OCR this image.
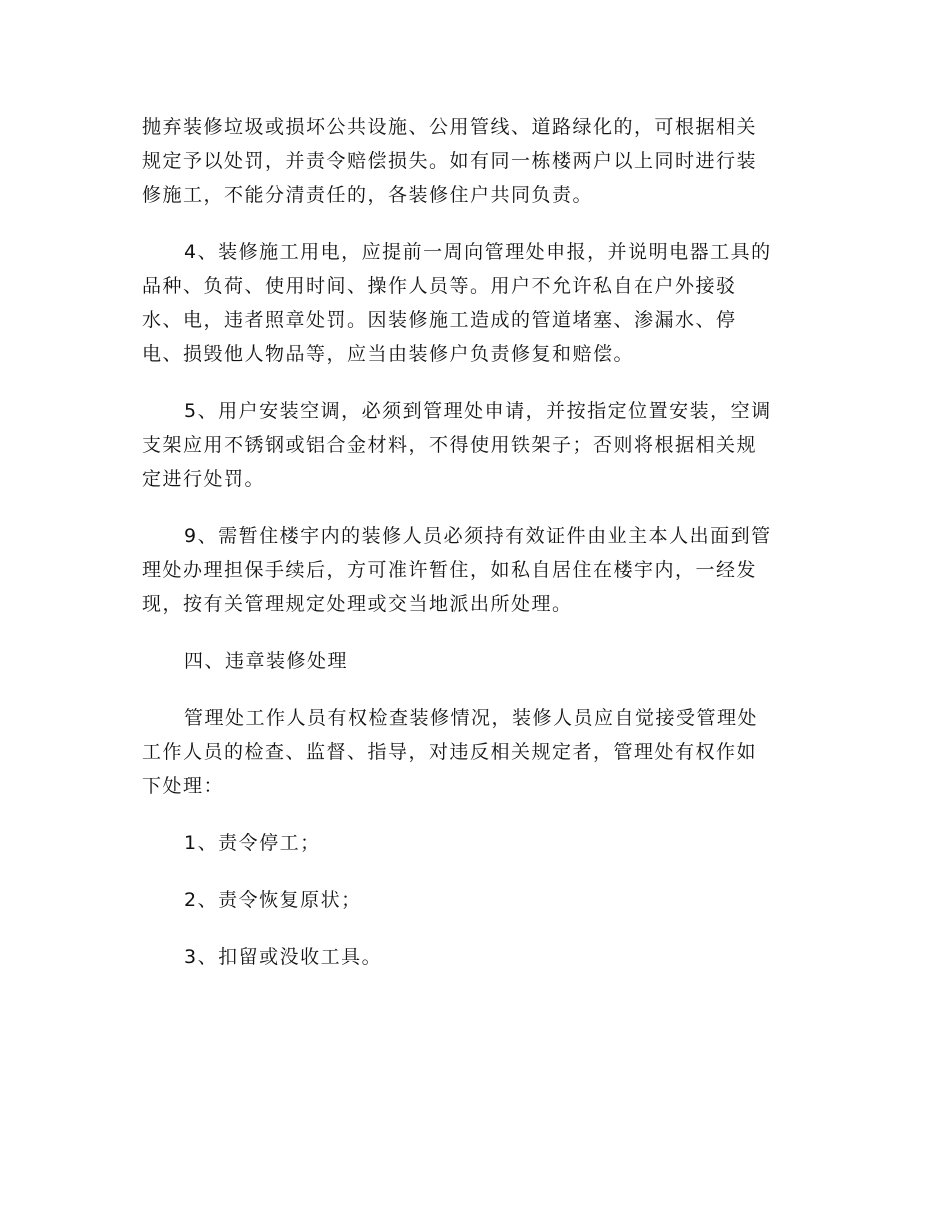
抛弃装修垃圾或损坏公共设施、公用管线、道路绿化的，可根据相关
规定予以处罚，并责令赔偿损失。如有同一栋楼两户以上同时进行装
修施工，不能分清责任的，各装修住户共同负责。

4、装修施工用电，应提前一周向管理处申报，并说明电器工具的
品种、负荷、使用时间、操作人员等。用户不允许私自在户外接驳
水、电，违者照章处罚。因装修施工造成的管道堵塞、渗漏水、停
电、损毁他人物品等，应当由装修户负责修复和赔偿。

5、用户安装空调，必须到管理处申请，并按指定位置安装，空调
支架应用不锈钢或铝合金材料，不得使用铁架子；否则将根据相关规
定进行处罚。

9、需暂住楼宇内的装修人员必须持有效证件由业主本人出面到管
理处办理担保手续后，方可准许暂住，如私自居住在楼宇内，一经发
现，按有关管理规定处理或交当地派出所处理。

四、违章装修处理

管理处工作人员有权检查装修情况，装修人员应自觉接受管理处
工作人员的检查、监督、指导，对违反相关规定者，管理处有权作如
下处理：

1、责令停工；

2、责令恢复原状；

3、扣留或没收工具。
